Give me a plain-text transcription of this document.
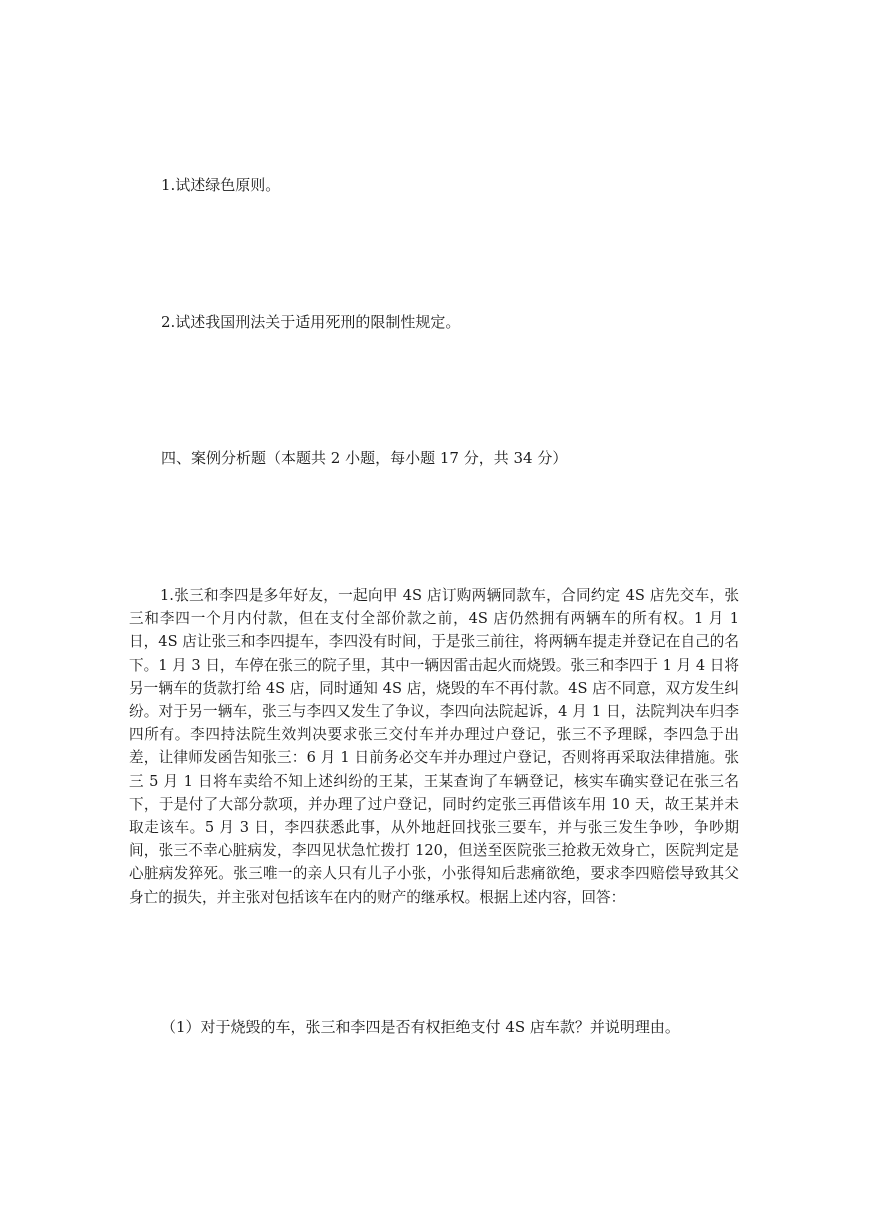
1.试述绿色原则。
2.试述我国刑法关于适用死刑的限制性规定。
四、案例分析题（本题共 2 小题，每小题 17 分，共 34 分）
1.张三和李四是多年好友，一起向甲 4S 店订购两辆同款车，合同约定 4S 店先交车，张三和李四一个月内付款，但在支付全部价款之前，4S 店仍然拥有两辆车的所有权。1 月 1 日，4S 店让张三和李四提车，李四没有时间，于是张三前往，将两辆车提走并登记在自己的名下。1 月 3 日，车停在张三的院子里，其中一辆因雷击起火而烧毁。张三和李四于 1 月 4 日将另一辆车的货款打给 4S 店，同时通知 4S 店，烧毁的车不再付款。4S 店不同意，双方发生纠纷。对于另一辆车，张三与李四又发生了争议，李四向法院起诉，4 月 1 日，法院判决车归李四所有。李四持法院生效判决要求张三交付车并办理过户登记，张三不予理睬，李四急于出差，让律师发函告知张三：6 月 1 日前务必交车并办理过户登记，否则将再采取法律措施。张三 5 月 1 日将车卖给不知上述纠纷的王某，王某查询了车辆登记，核实车确实登记在张三名下，于是付了大部分款项，并办理了过户登记，同时约定张三再借该车用 10 天，故王某并未取走该车。5 月 3 日，李四获悉此事，从外地赶回找张三要车，并与张三发生争吵，争吵期间，张三不幸心脏病发，李四见状急忙拨打 120，但送至医院张三抢救无效身亡，医院判定是心脏病发猝死。张三唯一的亲人只有儿子小张，小张得知后悲痛欲绝，要求李四赔偿导致其父身亡的损失，并主张对包括该车在内的财产的继承权。根据上述内容，回答：
（1）对于烧毁的车，张三和李四是否有权拒绝支付 4S 店车款？并说明理由。
